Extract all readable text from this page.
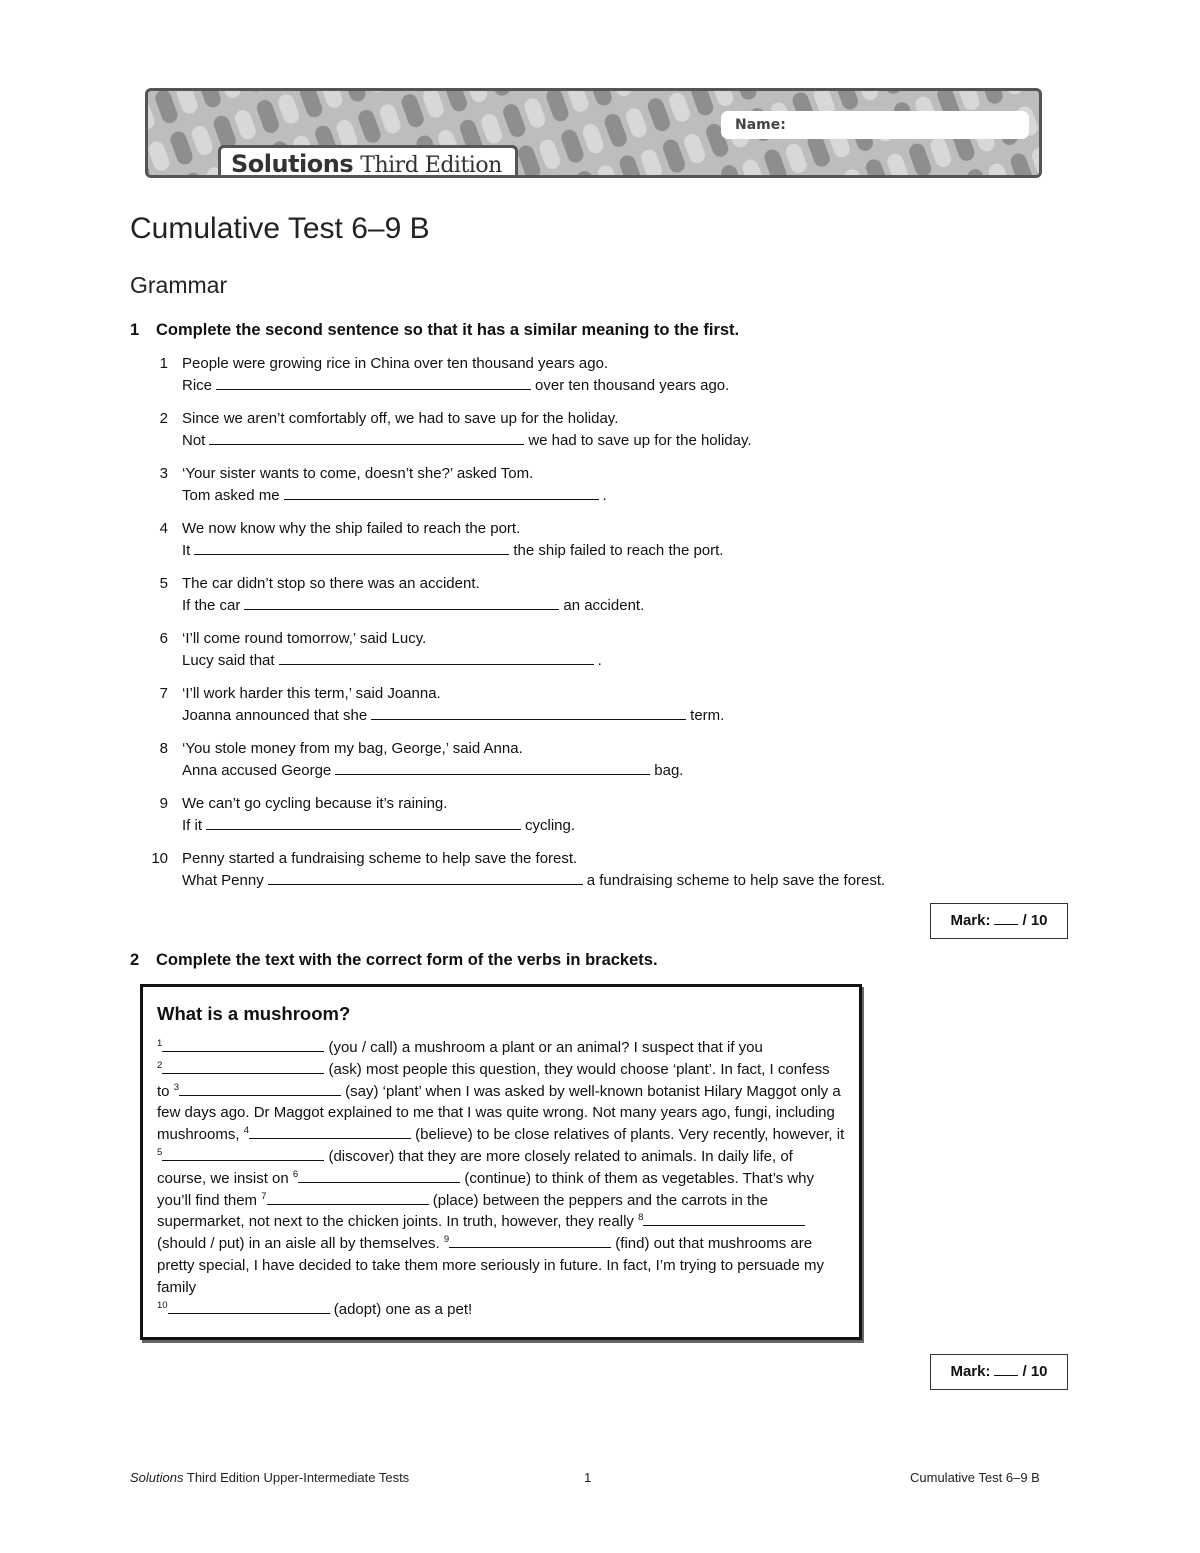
Name:
Solutions Third Edition
Cumulative Test 6–9 B
Grammar
1 Complete the second sentence so that it has a similar meaning to the first.
1 People were growing rice in China over ten thousand years ago.
Rice	over ten thousand years ago.
2 Since we aren’t comfortably off, we had to save up for the holiday.
Not	we had to save up for the holiday.
3 ‘Your sister wants to come, doesn’t she?’ asked Tom.
Tom asked me	.
4 We now know why the ship failed to reach the port.
It	the ship failed to reach the port.
5 The car didn’t stop so there was an accident.
If the car	an accident.
6 ‘I’ll come round tomorrow,’ said Lucy.
Lucy said that	.
7 ‘I’ll work harder this term,’ said Joanna.
Joanna announced that she	term.
8 ‘You stole money from my bag, George,’ said Anna.
Anna accused George	bag.
9 We can’t go cycling because it’s raining.
If it	cycling.
10 Penny started a fundraising scheme to help save the forest.
What Penny	a fundraising scheme to help save the forest.
Mark: / 10
2 Complete the text with the correct form of the verbs in brackets.
What is a mushroom?
$^1$	(you / call) a mushroom a plant or an animal? I suspect that if you
$^2$	(ask) most people this question, they would choose ‘plant’. In fact, I confess to $^3$	(say) ‘plant’ when I was asked by well-known botanist Hilary Maggot only a few days ago. Dr Maggot explained to me that I was quite wrong. Not many years ago, fungi, including mushrooms, $^4$	(believe) to be close relatives of plants. Very recently, however, it $^5$	(discover) that they are more closely related to animals. In daily life, of course, we insist on $^6$	(continue) to think of them as vegetables. That’s why you’ll find them $^7$	(place) between the peppers and the carrots in the supermarket, not next to the chicken joints. In truth, however, they really $^8$ (should / put) in an aisle all by themselves. $^9$	(find) out that mushrooms are pretty special, I have decided to take them more seriously in future. In fact, I’m trying to persuade my family
$^{10}$	(adopt) one as a pet!
Mark: / 10
Solutions Third Edition Upper-Intermediate Tests	1	Cumulative Test 6–9 B
